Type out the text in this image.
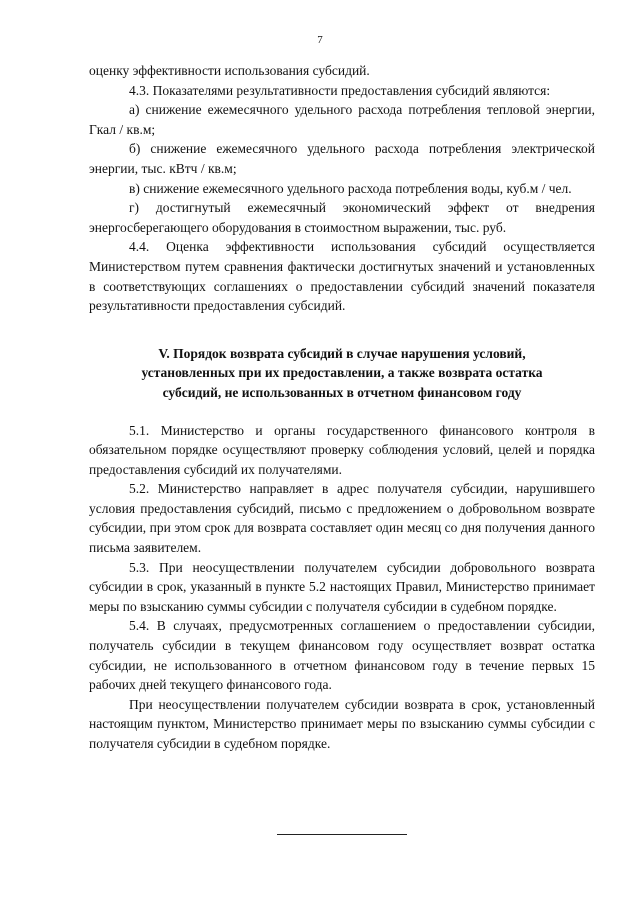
7

оценку эффективности использования субсидий.

4.3. Показателями результативности предоставления субсидий являются:

а) снижение ежемесячного удельного расхода потребления тепловой энергии, Гкал / кв.м;

б) снижение ежемесячного удельного расхода потребления электрической энергии, тыс. кВтч / кв.м;

в) снижение ежемесячного удельного расхода потребления воды, куб.м / чел.

г) достигнутый ежемесячный экономический эффект от внедрения энергосберегающего оборудования в стоимостном выражении, тыс. руб.

4.4. Оценка эффективности использования субсидий осуществляется Министерством путем сравнения фактически достигнутых значений и установленных в соответствующих соглашениях о предоставлении субсидий значений показателя результативности предоставления субсидий.

V. Порядок возврата субсидий в случае нарушения условий,

установленных при их предоставлении, а также возврата остатка

субсидий, не использованных в отчетном финансовом году

5.1. Министерство и органы государственного финансового контроля в обязательном порядке осуществляют проверку соблюдения условий, целей и порядка предоставления субсидий их получателями.

5.2. Министерство направляет в адрес получателя субсидии, нарушившего условия предоставления субсидий, письмо с предложением о добровольном возврате субсидии, при этом срок для возврата составляет один месяц со дня получения данного письма заявителем.

5.3. При неосуществлении получателем субсидии добровольного возврата субсидии в срок, указанный в пункте 5.2 настоящих Правил, Министерство принимает меры по взысканию суммы субсидии с получателя субсидии в судебном порядке.

5.4. В случаях, предусмотренных соглашением о предоставлении субсидии, получатель субсидии в текущем финансовом году осуществляет возврат остатка субсидии, не использованного в отчетном финансовом году в течение первых 15 рабочих дней текущего финансового года.

При неосуществлении получателем субсидии возврата в срок, установленный настоящим пунктом, Министерство принимает меры по взысканию суммы субсидии с получателя субсидии в судебном порядке.
